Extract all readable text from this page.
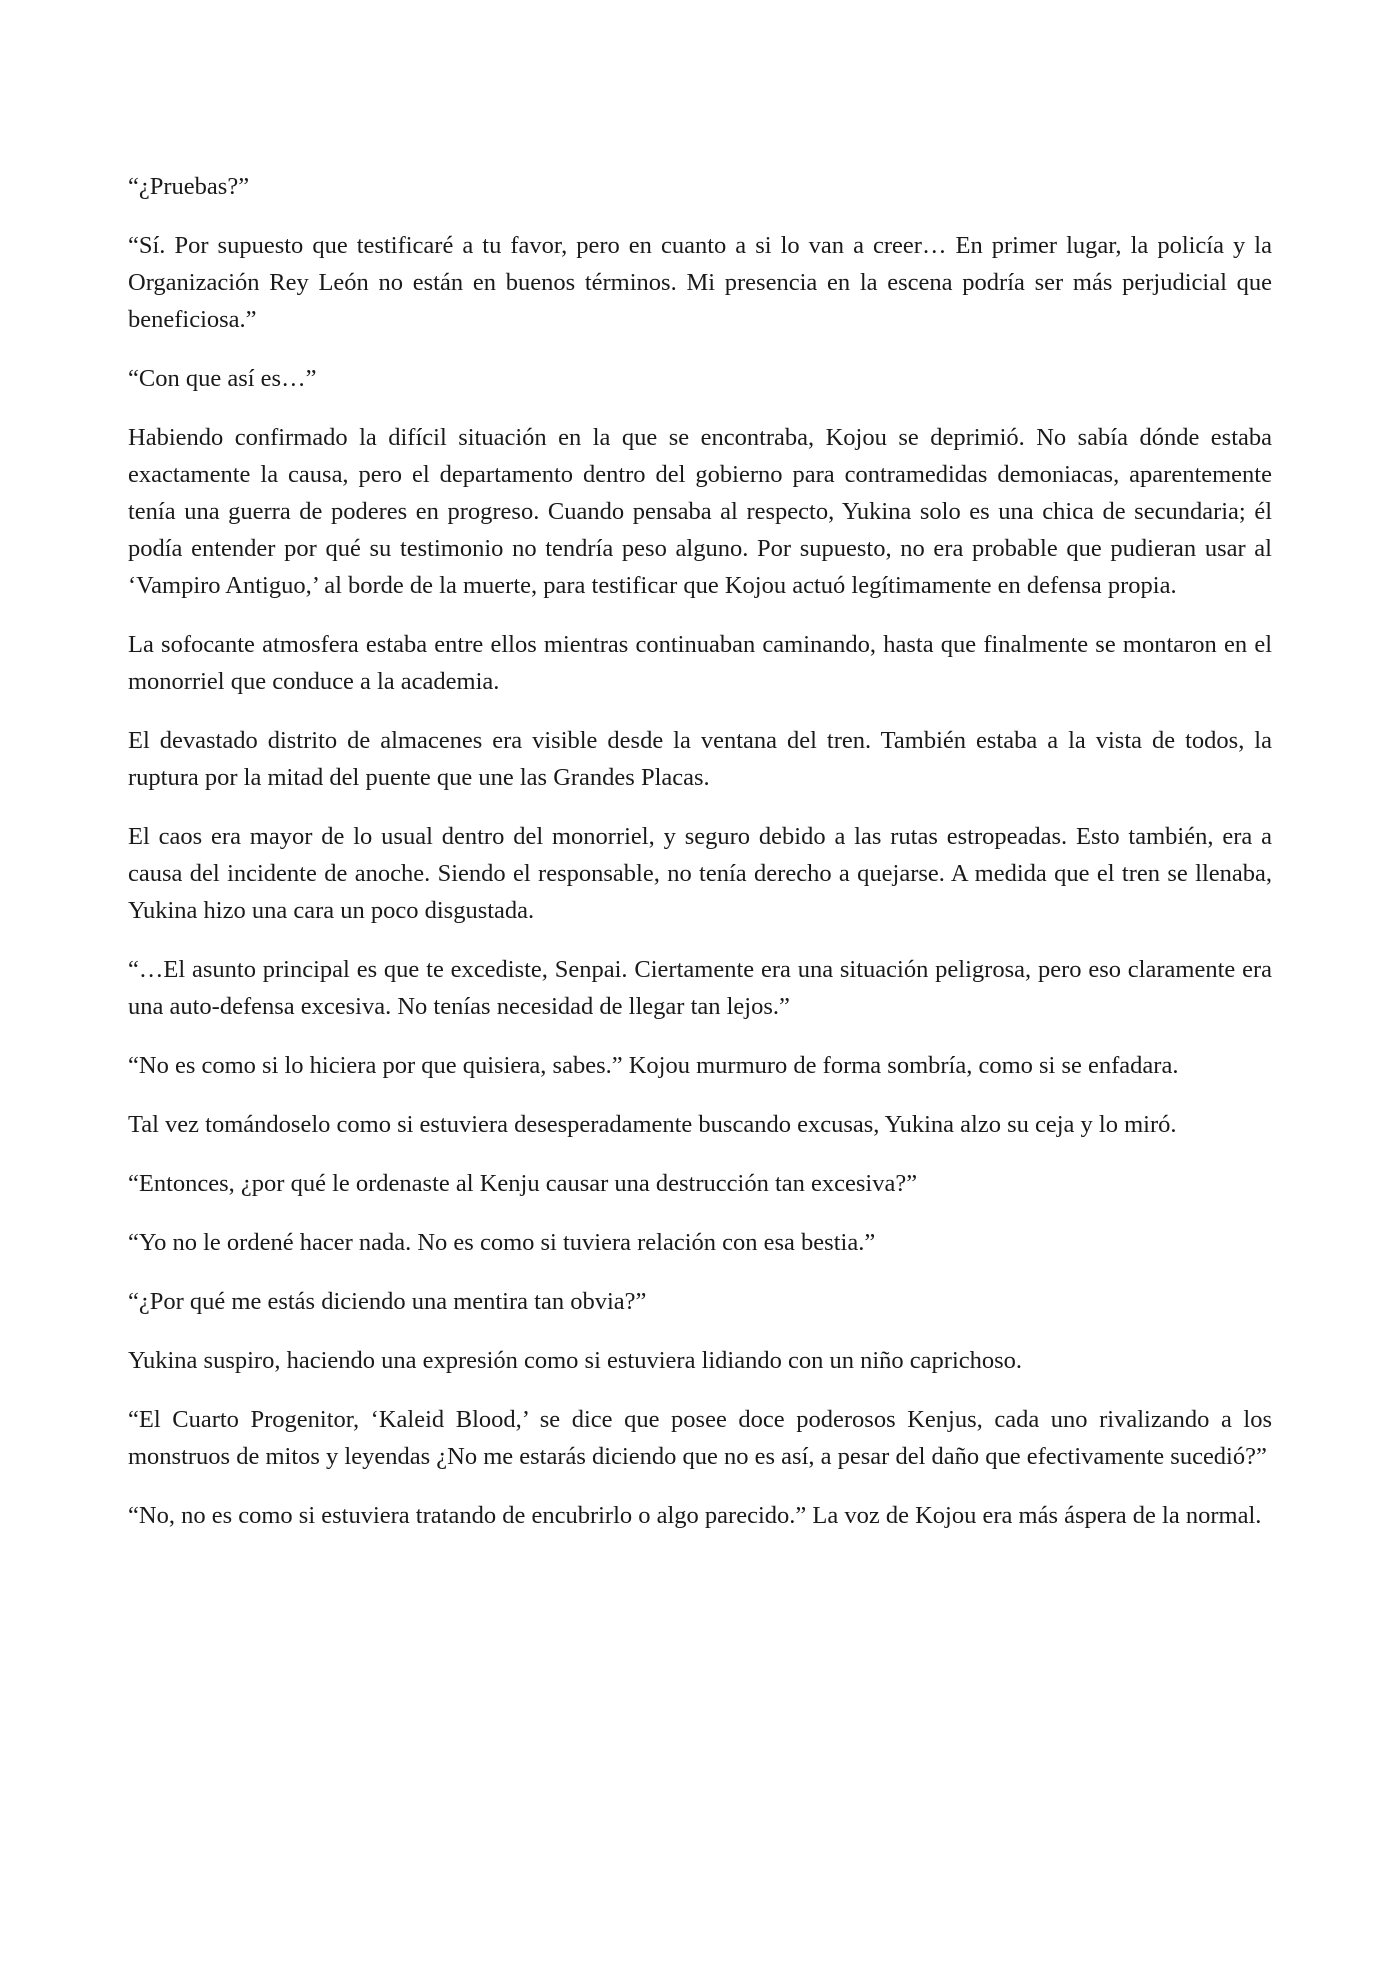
“¿Pruebas?”

“Sí. Por supuesto que testificaré a tu favor, pero en cuanto a si lo van a creer… En primer lugar, la policía y la Organización Rey León no están en buenos términos. Mi presencia en la escena podría ser más perjudicial que beneficiosa.”

“Con que así es…”

Habiendo confirmado la difícil situación en la que se encontraba, Kojou se deprimió. No sabía dónde estaba exactamente la causa, pero el departamento dentro del gobierno para contramedidas demoniacas, aparentemente tenía una guerra de poderes en progreso. Cuando pensaba al respecto, Yukina solo es una chica de secundaria; él podía entender por qué su testimonio no tendría peso alguno. Por supuesto, no era probable que pudieran usar al ‘Vampiro Antiguo,’ al borde de la muerte, para testificar que Kojou actuó legítimamente en defensa propia.

La sofocante atmosfera estaba entre ellos mientras continuaban caminando, hasta que finalmente se montaron en el monorriel que conduce a la academia.

El devastado distrito de almacenes era visible desde la ventana del tren. También estaba a la vista de todos, la ruptura por la mitad del puente que une las Grandes Placas.

El caos era mayor de lo usual dentro del monorriel, y seguro debido a las rutas estropeadas. Esto también, era a causa del incidente de anoche. Siendo el responsable, no tenía derecho a quejarse. A medida que el tren se llenaba, Yukina hizo una cara un poco disgustada.

“…El asunto principal es que te excediste, Senpai. Ciertamente era una situación peligrosa, pero eso claramente era una auto-defensa excesiva. No tenías necesidad de llegar tan lejos.”

“No es como si lo hiciera por que quisiera, sabes.” Kojou murmuro de forma sombría, como si se enfadara.

Tal vez tomándoselo como si estuviera desesperadamente buscando excusas, Yukina alzo su ceja y lo miró.

“Entonces, ¿por qué le ordenaste al Kenju causar una destrucción tan excesiva?”

“Yo no le ordené hacer nada. No es como si tuviera relación con esa bestia.”

“¿Por qué me estás diciendo una mentira tan obvia?”

Yukina suspiro, haciendo una expresión como si estuviera lidiando con un niño caprichoso.

“El Cuarto Progenitor, ‘Kaleid Blood,’ se dice que posee doce poderosos Kenjus, cada uno rivalizando a los monstruos de mitos y leyendas ¿No me estarás diciendo que no es así, a pesar del daño que efectivamente sucedió?”

“No, no es como si estuviera tratando de encubrirlo o algo parecido.” La voz de Kojou era más áspera de la normal.
